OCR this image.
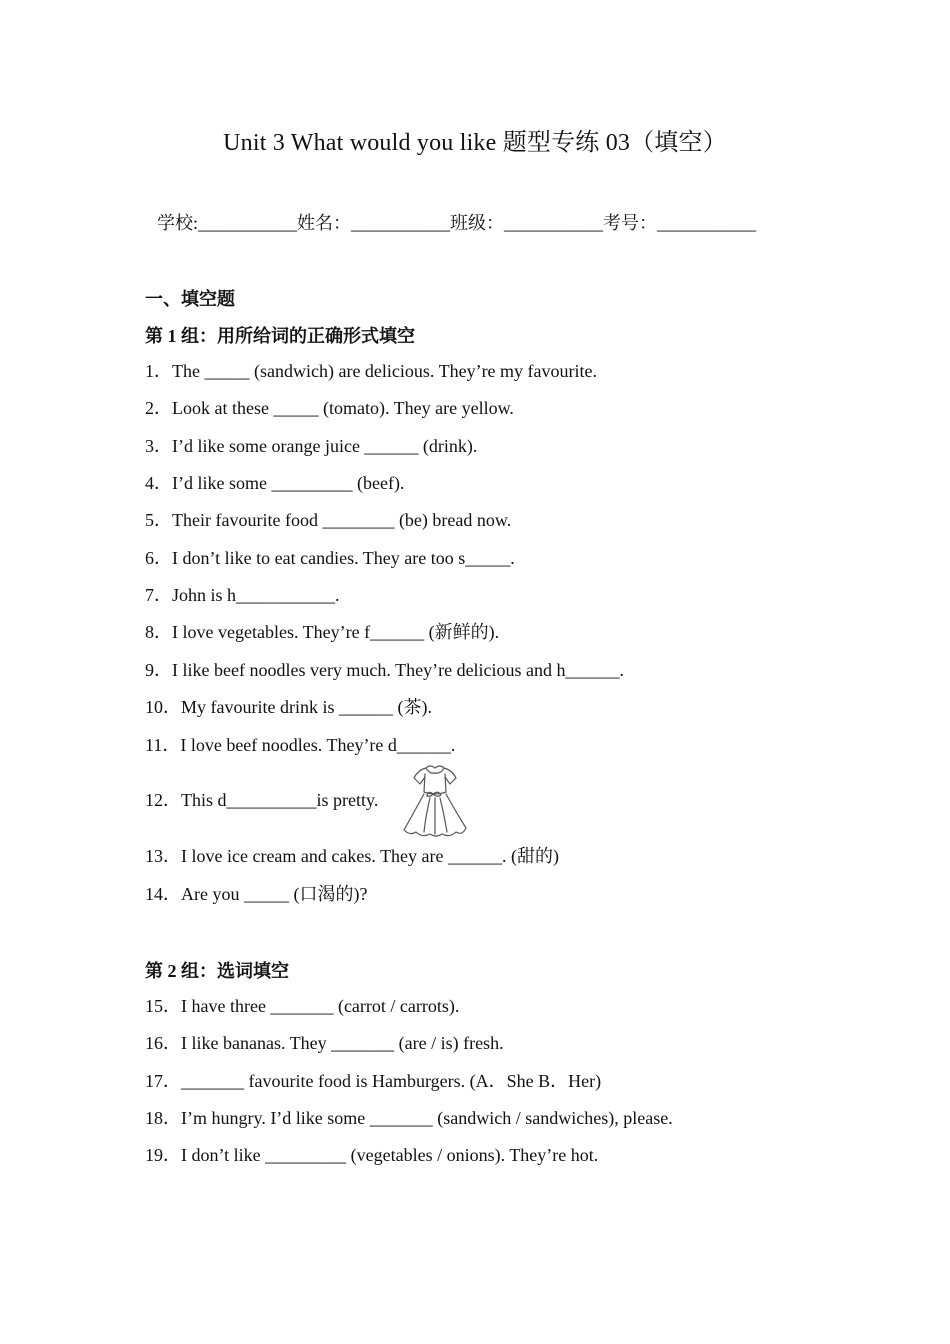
Unit 3 What would you like 题型专练 03（填空）
学校:___________姓名：___________班级：___________考号：___________
一、填空题
第 1 组：用所给词的正确形式填空
1．The _____ (sandwich) are delicious. They’re my favourite.
2．Look at these _____ (tomato). They are yellow.
3．I’d like some orange juice ______ (drink).
4．I’d like some _________ (beef).
5．Their favourite food ________ (be) bread now.
6．I don’t like to eat candies. They are too s_____.
7．John is h___________.
8．I love vegetables. They’re f______ (新鲜的).
9．I like beef noodles very much. They’re delicious and h______.
10．My favourite drink is ______ (茶).
11．I love beef noodles. They’re d______.
12．This d__________is pretty.
13．I love ice cream and cakes. They are ______. (甜的)
14．Are you _____ (口渴的)?
第 2 组：选词填空
15．I have three _______ (carrot / carrots).
16．I like bananas. They _______ (are / is) fresh.
17．_______ favourite food is Hamburgers. (A．She B．Her)
18．I’m hungry. I’d like some _______ (sandwich / sandwiches), please.
19．I don’t like _________ (vegetables / onions). They’re hot.
